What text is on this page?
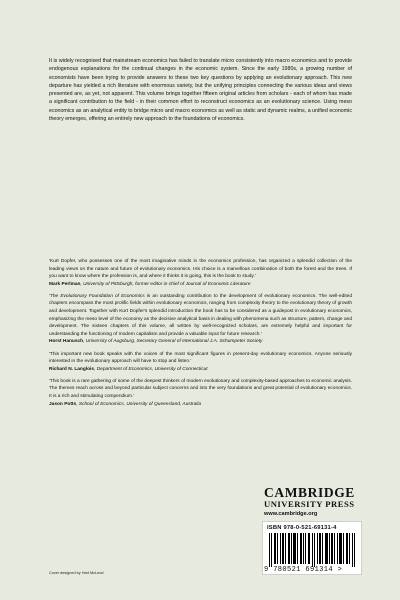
It is widely recognised that mainstream economics has failed to translate micro consistently into macro economics and to provide endogenous explanations for the continual changes in the economic system. Since the early 1980s, a growing number of economists have been trying to provide answers to these two key questions by applying an evolutionary approach. This new departure has yielded a rich literature with enormous variety, but the unifying principles connecting the various ideas and views presented are, as yet, not apparent. This volume brings together fifteen original articles from scholars - each of whom has made a significant contribution to the field - in their common effort to reconstruct economics as an evolutionary science. Using meso economics as an analytical entity to bridge micro and macro economics as well as static and dynamic realms, a unified economic theory emerges, offering an entirely new approach to the foundations of economics.

'Kurt Dopfer, who possesses one of the most imaginative minds in the economics profession, has organized a splendid collection of the leading views on the nature and future of evolutionary economics. His choice is a marvellous combination of both the forest and the trees. If you want to know where the profession is, and where it thinks it is going, this is the book to study.'

Mark Perlman, University of Pittsburgh, former editor in chief of Journal of Economic Literature

'The Evolutionary Foundation of Economics is an outstanding contribution to the development of evolutionary economics. The well-edited chapters encompass the most prolific fields within evolutionary economics, ranging from complexity theory to the evolutionary theory of growth and development. Together with Kurt Dopfer's splendid introduction the book has to be considered as a guidepost in evolutionary economics, emphasizing the meso level of the economy as the decisive analytical basis in dealing with phenomena such as structure, pattern, change and development. The sixteen chapters of this volume, all written by well-recognized scholars, are extremely helpful and important for understanding the functioning of modern capitalism and provide a valuable input for future research.'

Horst Hanusch, University of Augsburg, Secretary General of International J.A. Schumpeter Society

'This important new book speaks with the voices of the most significant figures in present-day evolutionary economics. Anyone seriously interested in the evolutionary approach will have to stop and listen.'

Richard N. Langlois, Department of Economics, University of Connecticut

'This book is a rare gathering of some of the deepest thinkers of modern evolutionary and complexity-based approaches to economic analysis. The themes reach across and beyond particular subject concerns and into the very foundations and great potential of evolutionary economics. It is a rich and stimulating compendium.'

Jason Potts, School of Economics, University of Queensland, Australia

CAMBRIDGE
UNIVERSITY PRESS
www.cambridge.org
ISBN 978-0-521-69131-4
9 780521 691314 >
Cover designed by Hart McLeod
